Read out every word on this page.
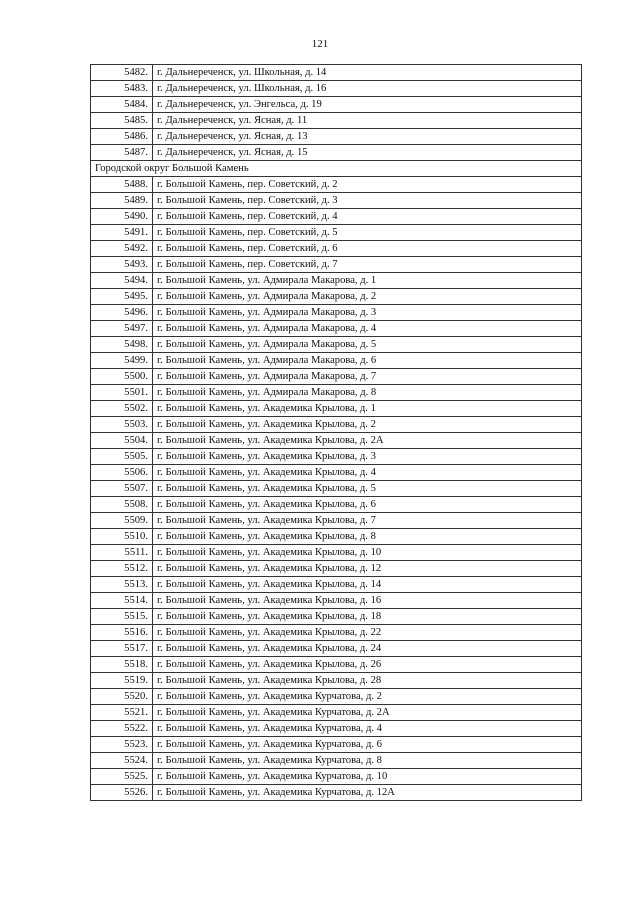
121
5482.	г. Дальнереченск, ул. Школьная, д. 14
5483.	г. Дальнереченск, ул. Школьная, д. 16
5484.	г. Дальнереченск, ул. Энгельса, д. 19
5485.	г. Дальнереченск, ул. Ясная, д. 11
5486.	г. Дальнереченск, ул. Ясная, д. 13
5487.	г. Дальнереченск, ул. Ясная, д. 15
Городской округ Большой Камень	
5488.	г. Большой Камень, пер. Советский, д. 2
5489.	г. Большой Камень, пер. Советский, д. 3
5490.	г. Большой Камень, пер. Советский, д. 4
5491.	г. Большой Камень, пер. Советский, д. 5
5492.	г. Большой Камень, пер. Советский, д. 6
5493.	г. Большой Камень, пер. Советский, д. 7
5494.	г. Большой Камень, ул. Адмирала Макарова, д. 1
5495.	г. Большой Камень, ул. Адмирала Макарова, д. 2
5496.	г. Большой Камень, ул. Адмирала Макарова, д. 3
5497.	г. Большой Камень, ул. Адмирала Макарова, д. 4
5498.	г. Большой Камень, ул. Адмирала Макарова, д. 5
5499.	г. Большой Камень, ул. Адмирала Макарова, д. 6
5500.	г. Большой Камень, ул. Адмирала Макарова, д. 7
5501.	г. Большой Камень, ул. Адмирала Макарова, д. 8
5502.	г. Большой Камень, ул. Академика Крылова, д. 1
5503.	г. Большой Камень, ул. Академика Крылова, д. 2
5504.	г. Большой Камень, ул. Академика Крылова, д. 2А
5505.	г. Большой Камень, ул. Академика Крылова, д. 3
5506.	г. Большой Камень, ул. Академика Крылова, д. 4
5507.	г. Большой Камень, ул. Академика Крылова, д. 5
5508.	г. Большой Камень, ул. Академика Крылова, д. 6
5509.	г. Большой Камень, ул. Академика Крылова, д. 7
5510.	г. Большой Камень, ул. Академика Крылова, д. 8
5511.	г. Большой Камень, ул. Академика Крылова, д. 10
5512.	г. Большой Камень, ул. Академика Крылова, д. 12
5513.	г. Большой Камень, ул. Академика Крылова, д. 14
5514.	г. Большой Камень, ул. Академика Крылова, д. 16
5515.	г. Большой Камень, ул. Академика Крылова, д. 18
5516.	г. Большой Камень, ул. Академика Крылова, д. 22
5517.	г. Большой Камень, ул. Академика Крылова, д. 24
5518.	г. Большой Камень, ул. Академика Крылова, д. 26
5519.	г. Большой Камень, ул. Академика Крылова, д. 28
5520.	г. Большой Камень, ул. Академика Курчатова, д. 2
5521.	г. Большой Камень, ул. Академика Курчатова, д. 2А
5522.	г. Большой Камень, ул. Академика Курчатова, д. 4
5523.	г. Большой Камень, ул. Академика Курчатова, д. 6
5524.	г. Большой Камень, ул. Академика Курчатова, д. 8
5525.	г. Большой Камень, ул. Академика Курчатова, д. 10
5526.	г. Большой Камень, ул. Академика Курчатова, д. 12А
